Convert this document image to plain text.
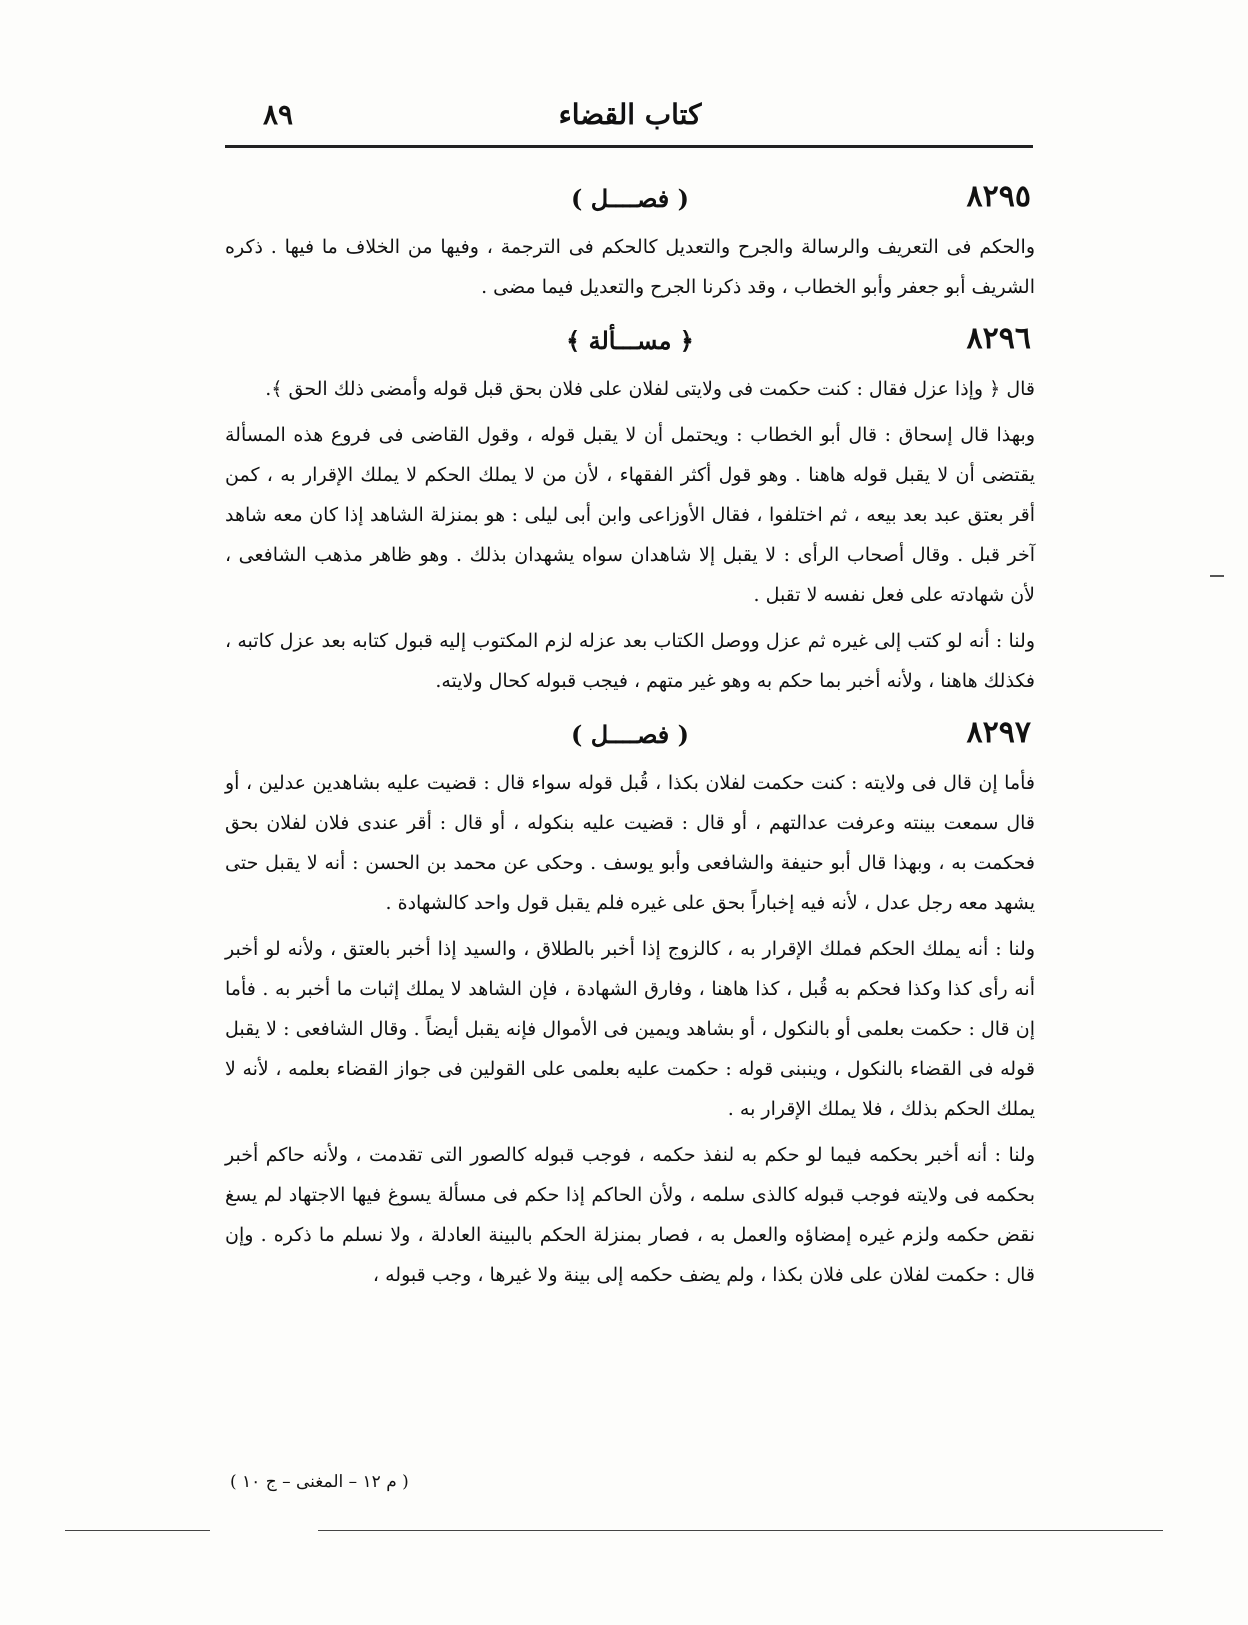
كتاب القضاء
٨٩
٨٢٩٥
( فصــــل )

والحكم فى التعريف والرسالة والجرح والتعديل كالحكم فى الترجمة ، وفيها من الخلاف ما فيها . ذكره الشريف أبو جعفر وأبو الخطاب ، وقد ذكرنا الجرح والتعديل فيما مضى .

٨٢٩٦
﴿ مســـألة ﴾

قال ﴿ وإذا عزل فقال : كنت حكمت فى ولايتى لفلان على فلان بحق قبل قوله وأمضى ذلك الحق ﴾.

وبهذا قال إسحاق : قال أبو الخطاب : ويحتمل أن لا يقبل قوله ، وقول القاضى فى فروع هذه المسألة يقتضى أن لا يقبل قوله هاهنا . وهو قول أكثر الفقهاء ، لأن من لا يملك الحكم لا يملك الإقرار به ، كمن أقر بعتق عبد بعد بيعه ، ثم اختلفوا ، فقال الأوزاعى وابن أبى ليلى : هو بمنزلة الشاهد إذا كان معه شاهد آخر قبل . وقال أصحاب الرأى : لا يقبل إلا شاهدان سواه يشهدان بذلك . وهو ظاهر مذهب الشافعى ، لأن شهادته على فعل نفسه لا تقبل .

ولنا : أنه لو كتب إلى غيره ثم عزل ووصل الكتاب بعد عزله لزم المكتوب إليه قبول كتابه بعد عزل كاتبه ، فكذلك هاهنا ، ولأنه أخبر بما حكم به وهو غير متهم ، فيجب قبوله كحال ولايته.

٨٢٩٧
( فصــــل )

فأما إن قال فى ولايته : كنت حكمت لفلان بكذا ، قُبل قوله سواء قال : قضيت عليه بشاهدين عدلين ، أو قال سمعت بينته وعرفت عدالتهم ، أو قال : قضيت عليه بنكوله ، أو قال : أقر عندى فلان لفلان بحق فحكمت به ، وبهذا قال أبو حنيفة والشافعى وأبو يوسف . وحكى عن محمد بن الحسن : أنه لا يقبل حتى يشهد معه رجل عدل ، لأنه فيه إخباراً بحق على غيره فلم يقبل قول واحد كالشهادة .

ولنا : أنه يملك الحكم فملك الإقرار به ، كالزوج إذا أخبر بالطلاق ، والسيد إذا أخبر بالعتق ، ولأنه لو أخبر أنه رأى كذا وكذا فحكم به قُبل ، كذا هاهنا ، وفارق الشهادة ، فإن الشاهد لا يملك إثبات ما أخبر به . فأما إن قال : حكمت بعلمى أو بالنكول ، أو بشاهد ويمين فى الأموال فإنه يقبل أيضاً . وقال الشافعى : لا يقبل قوله فى القضاء بالنكول ، وينبنى قوله : حكمت عليه بعلمى على القولين فى جواز القضاء بعلمه ، لأنه لا يملك الحكم بذلك ، فلا يملك الإقرار به .

ولنا : أنه أخبر بحكمه فيما لو حكم به لنفذ حكمه ، فوجب قبوله كالصور التى تقدمت ، ولأنه حاكم أخبر بحكمه فى ولايته فوجب قبوله كالذى سلمه ، ولأن الحاكم إذا حكم فى مسألة يسوغ فيها الاجتهاد لم يسغ نقض حكمه ولزم غيره إمضاؤه والعمل به ، فصار بمنزلة الحكم بالبينة العادلة ، ولا نسلم ما ذكره . وإن قال : حكمت لفلان على فلان بكذا ، ولم يضف حكمه إلى بينة ولا غيرها ، وجب قبوله ،

( م ١٢ – المغنى – ج ١٠ )
